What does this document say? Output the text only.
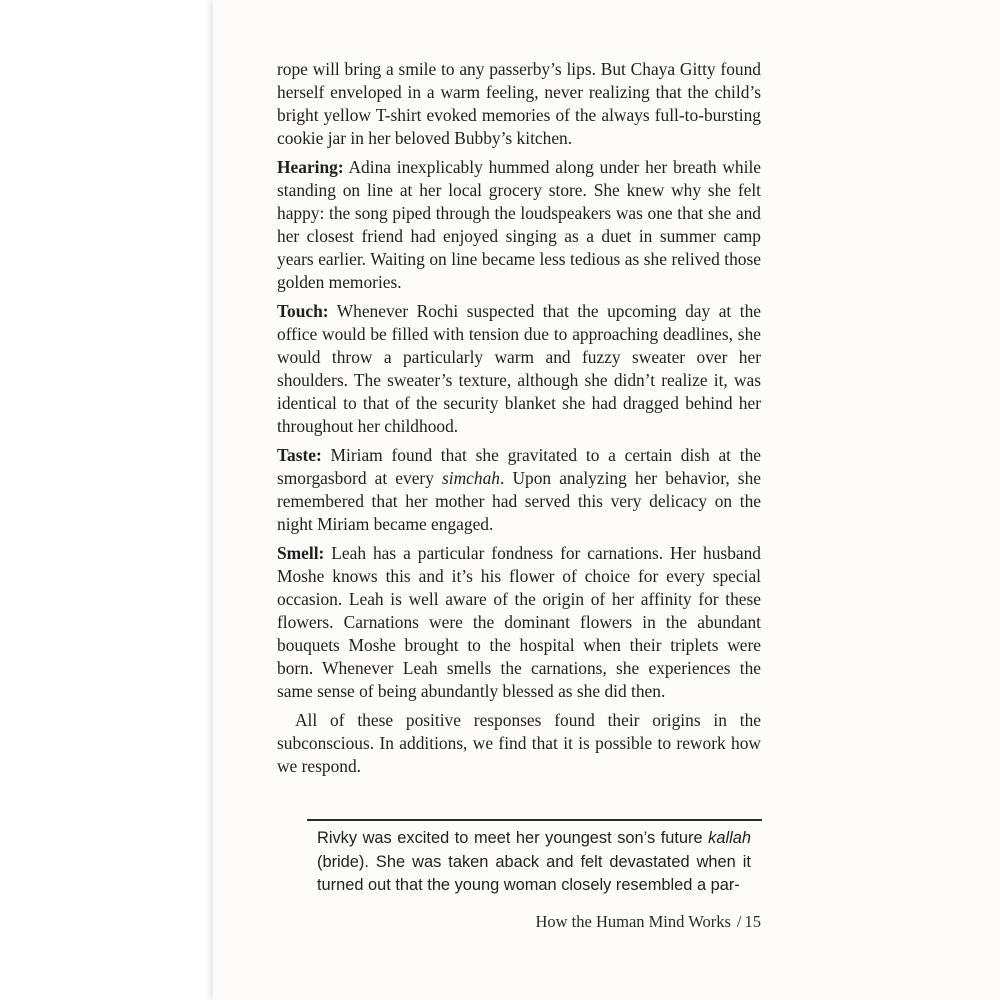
rope will bring a smile to any passerby’s lips. But Chaya Gitty found herself enveloped in a warm feeling, never realizing that the child’s bright yellow T-shirt evoked memories of the always full-to-bursting cookie jar in her beloved Bubby’s kitchen.

Hearing: Adina inexplicably hummed along under her breath while standing on line at her local grocery store. She knew why she felt happy: the song piped through the loudspeakers was one that she and her closest friend had enjoyed singing as a duet in summer camp years earlier. Waiting on line became less tedious as she relived those golden memories.

Touch: Whenever Rochi suspected that the upcoming day at the office would be filled with tension due to approaching deadlines, she would throw a particularly warm and fuzzy sweater over her shoulders. The sweater’s texture, although she didn’t realize it, was identical to that of the security blanket she had dragged behind her throughout her childhood.

Taste: Miriam found that she gravitated to a certain dish at the smorgasbord at every simchah. Upon analyzing her behavior, she remembered that her mother had served this very delicacy on the night Miriam became engaged.

Smell: Leah has a particular fondness for carnations. Her husband Moshe knows this and it’s his flower of choice for every special occasion. Leah is well aware of the origin of her affinity for these flowers. Carnations were the dominant flowers in the abundant bouquets Moshe brought to the hospital when their triplets were born. Whenever Leah smells the carnations, she experiences the same sense of being abundantly blessed as she did then.

All of these positive responses found their origins in the subconscious. In additions, we find that it is possible to rework how we respond.

Rivky was excited to meet her youngest son’s future kallah (bride). She was taken aback and felt devastated when it turned out that the young woman closely resembled a par-
How the Human Mind Works / 15
